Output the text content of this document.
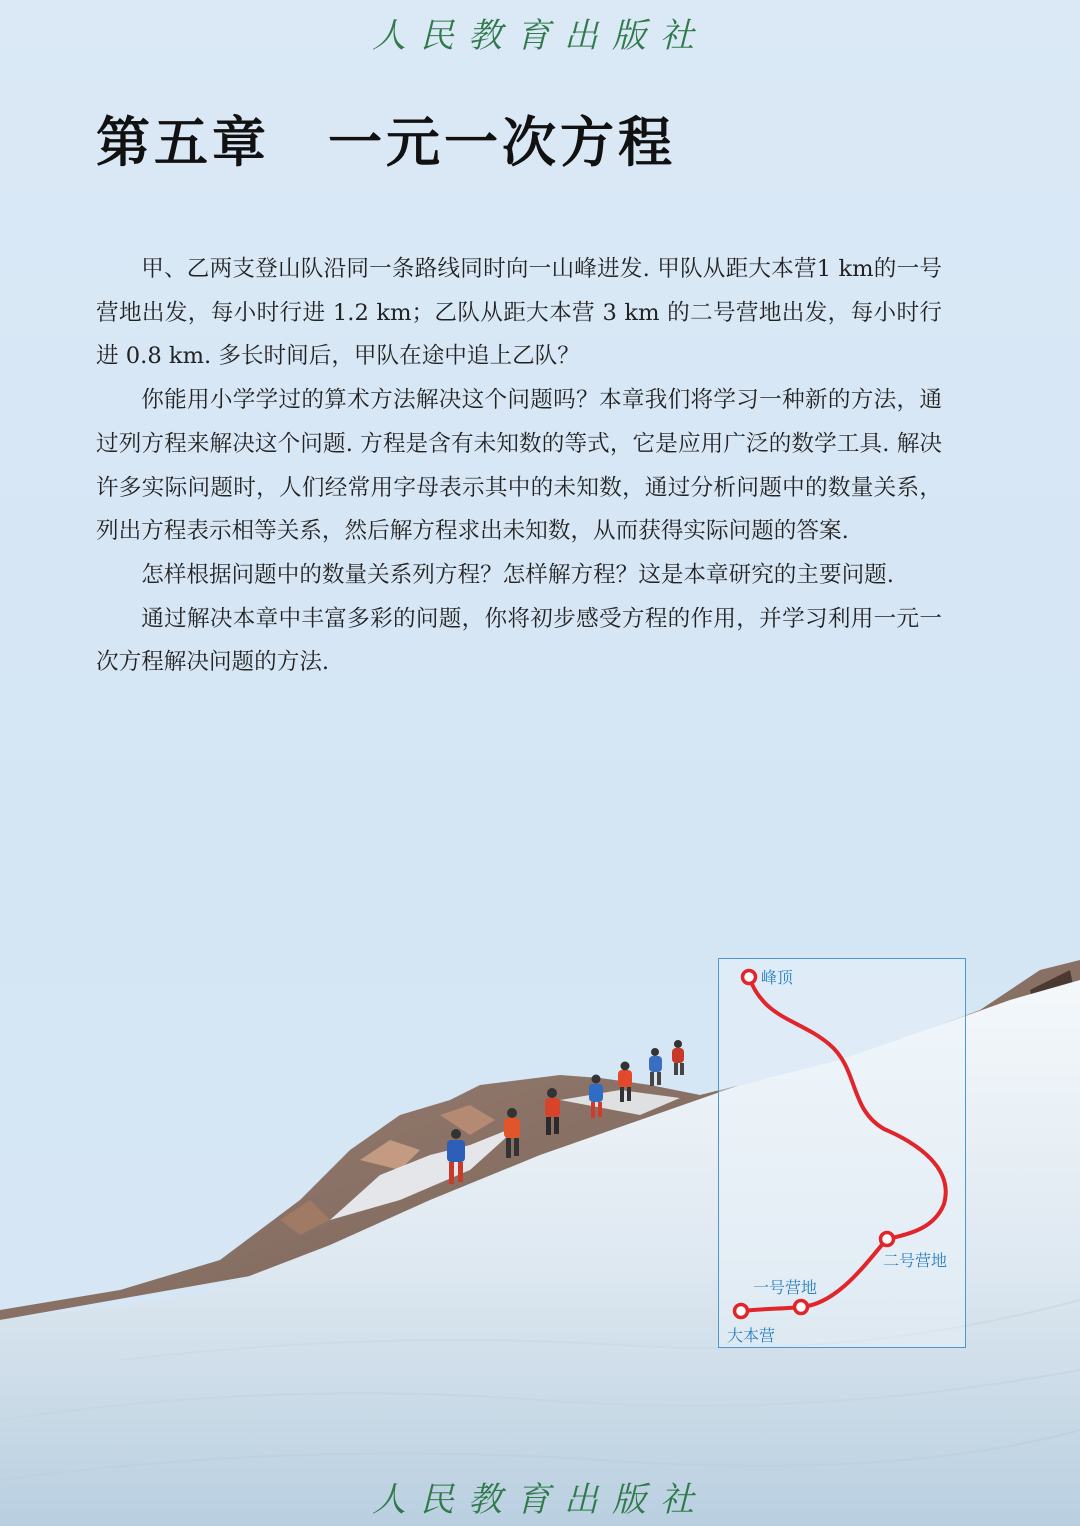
人民教育出版社
第五章　一元一次方程

甲、乙两支登山队沿同一条路线同时向一山峰进发. 甲队从距大本营1 km的一号营地出发，每小时行进 1.2 km；乙队从距大本营 3 km 的二号营地出发，每小时行进 0.8 km. 多长时间后，甲队在途中追上乙队？

你能用小学学过的算术方法解决这个问题吗？本章我们将学习一种新的方法，通过列方程来解决这个问题. 方程是含有未知数的等式，它是应用广泛的数学工具. 解决许多实际问题时，人们经常用字母表示其中的未知数，通过分析问题中的数量关系，列出方程表示相等关系，然后解方程求出未知数，从而获得实际问题的答案.

怎样根据问题中的数量关系列方程？怎样解方程？这是本章研究的主要问题.

通过解决本章中丰富多彩的问题，你将初步感受方程的作用，并学习利用一元一次方程解决问题的方法.

峰顶
二号营地
一号营地
大本营
人民教育出版社
